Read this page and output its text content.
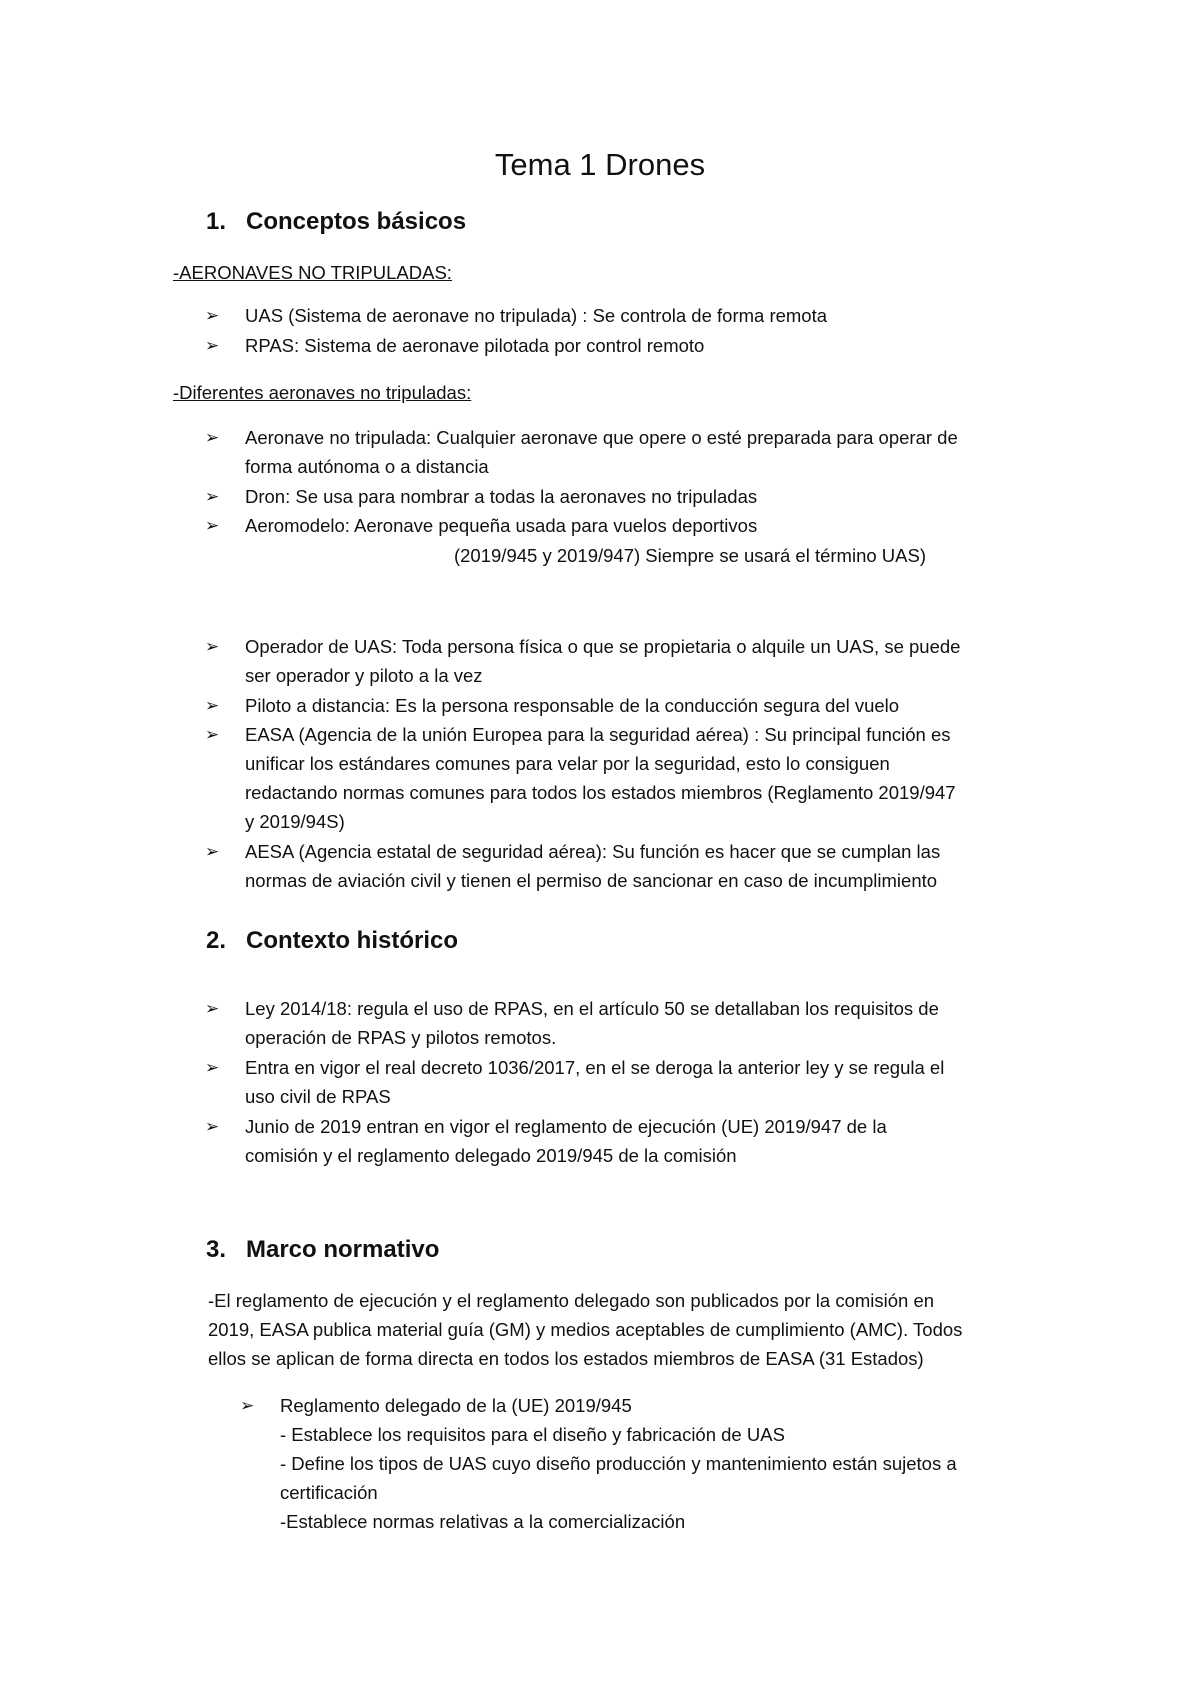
Tema 1 Drones
1. Conceptos básicos
-AERONAVES NO TRIPULADAS:
➢	UAS (Sistema de aeronave no tripulada) : Se controla de forma remota
➢	RPAS: Sistema de aeronave pilotada por control remoto
-Diferentes aeronaves no tripuladas:
➢	Aeronave no tripulada: Cualquier aeronave que opere o esté preparada para operar de
forma autónoma o a distancia
➢	Dron: Se usa para nombrar a todas la aeronaves no tripuladas
➢	Aeromodelo: Aeronave pequeña usada para vuelos deportivos
(2019/945 y 2019/947) Siempre se usará el término UAS)
➢	Operador de UAS: Toda persona física o que se propietaria o alquile un UAS, se puede
ser operador y piloto a la vez
➢	Piloto a distancia: Es la persona responsable de la conducción segura del vuelo
➢	EASA (Agencia de la unión Europea para la seguridad aérea) : Su principal función es
unificar los estándares comunes para velar por la seguridad, esto lo consiguen
redactando normas comunes para todos los estados miembros (Reglamento 2019/947
y 2019/94S)
➢	AESA (Agencia estatal de seguridad aérea): Su función es hacer que se cumplan las
normas de aviación civil y tienen el permiso de sancionar en caso de incumplimiento
2. Contexto histórico
➢	Ley 2014/18: regula el uso de RPAS, en el artículo 50 se detallaban los requisitos de
operación de RPAS y pilotos remotos.
➢	Entra en vigor el real decreto 1036/2017, en el se deroga la anterior ley y se regula el
uso civil de RPAS
➢	Junio de 2019 entran en vigor el reglamento de ejecución (UE) 2019/947 de la
comisión y el reglamento delegado 2019/945 de la comisión
3. Marco normativo
-El reglamento de ejecución y el reglamento delegado son publicados por la comisión en
2019, EASA publica material guía (GM) y medios aceptables de cumplimiento (AMC). Todos
ellos se aplican de forma directa en todos los estados miembros de EASA (31 Estados)
➢	Reglamento delegado de la (UE) 2019/945
- Establece los requisitos para el diseño y fabricación de UAS
- Define los tipos de UAS cuyo diseño producción y mantenimiento están sujetos a
certificación
-Establece normas relativas a la comercialización
